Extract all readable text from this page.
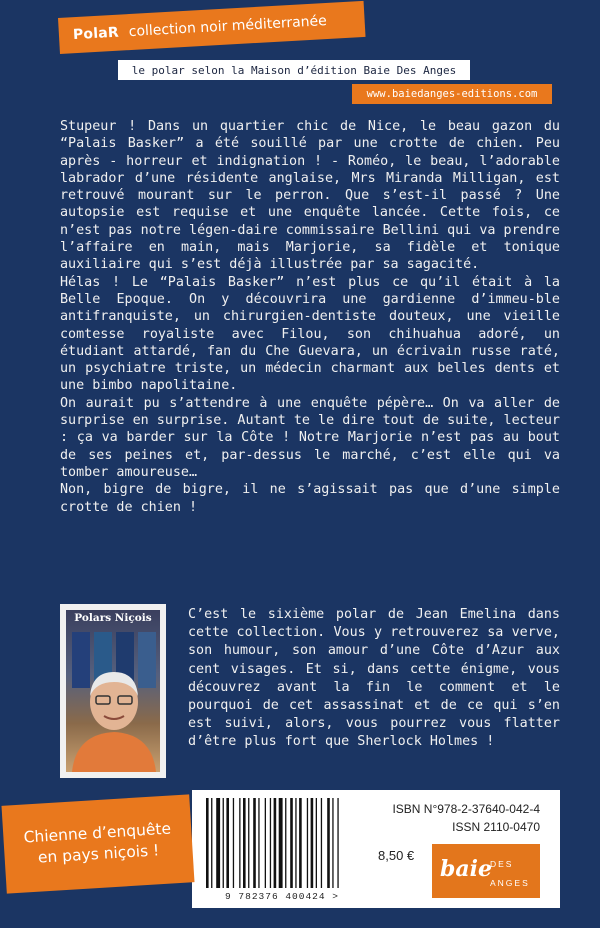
PolaR collection noir méditerranée
le polar selon la Maison d’édition Baie Des Anges
www.baiedanges-editions.com
Stupeur ! Dans un quartier chic de Nice, le beau gazon du “Palais Basker” a été souillé par une crotte de chien. Peu après - horreur et indignation ! - Roméo, le beau, l’adorable labrador d’une résidente anglaise, Mrs Miranda Milligan, est retrouvé mourant sur le perron. Que s’est-il passé ? Une autopsie est requise et une enquête lancée. Cette fois, ce n’est pas notre légen-daire commissaire Bellini qui va prendre l’affaire en main, mais Marjorie, sa fidèle et tonique auxiliaire qui s’est déjà illustrée par sa sagacité.
Hélas ! Le “Palais Basker” n’est plus ce qu’il était à la Belle Epoque. On y découvrira une gardienne d’immeu-ble antifranquiste, un chirurgien-dentiste douteux, une vieille comtesse royaliste avec Filou, son chihuahua adoré, un étudiant attardé, fan du Che Guevara, un écrivain russe raté, un psychiatre triste, un médecin charmant aux belles dents et une bimbo napolitaine.
On aurait pu s’attendre à une enquête pépère… On va aller de surprise en surprise. Autant te le dire tout de suite, lecteur : ça va barder sur la Côte ! Notre Marjorie n’est pas au bout de ses peines et, par-dessus le marché, c’est elle qui va tomber amoureuse…
Non, bigre de bigre, il ne s’agissait pas que d’une simple crotte de chien !
Polars Niçois	C’est le sixième polar de Jean Emelina dans cette collection. Vous y retrouverez sa verve, son humour, son amour d’une Côte d’Azur aux cent visages. Et si, dans cette énigme, vous découvrez avant la fin le comment et le pourquoi de cet assassinat et de ce qui s’en est suivi, alors, vous pourrez vous flatter d’être plus fort que Sherlock Holmes !
9 782376 400424 >
ISBN N°978-2-37640-042-4
ISSN 2110-0470
8,50 €
baie
DES
ANGES
Chienne d’enquête
en pays niçois !
